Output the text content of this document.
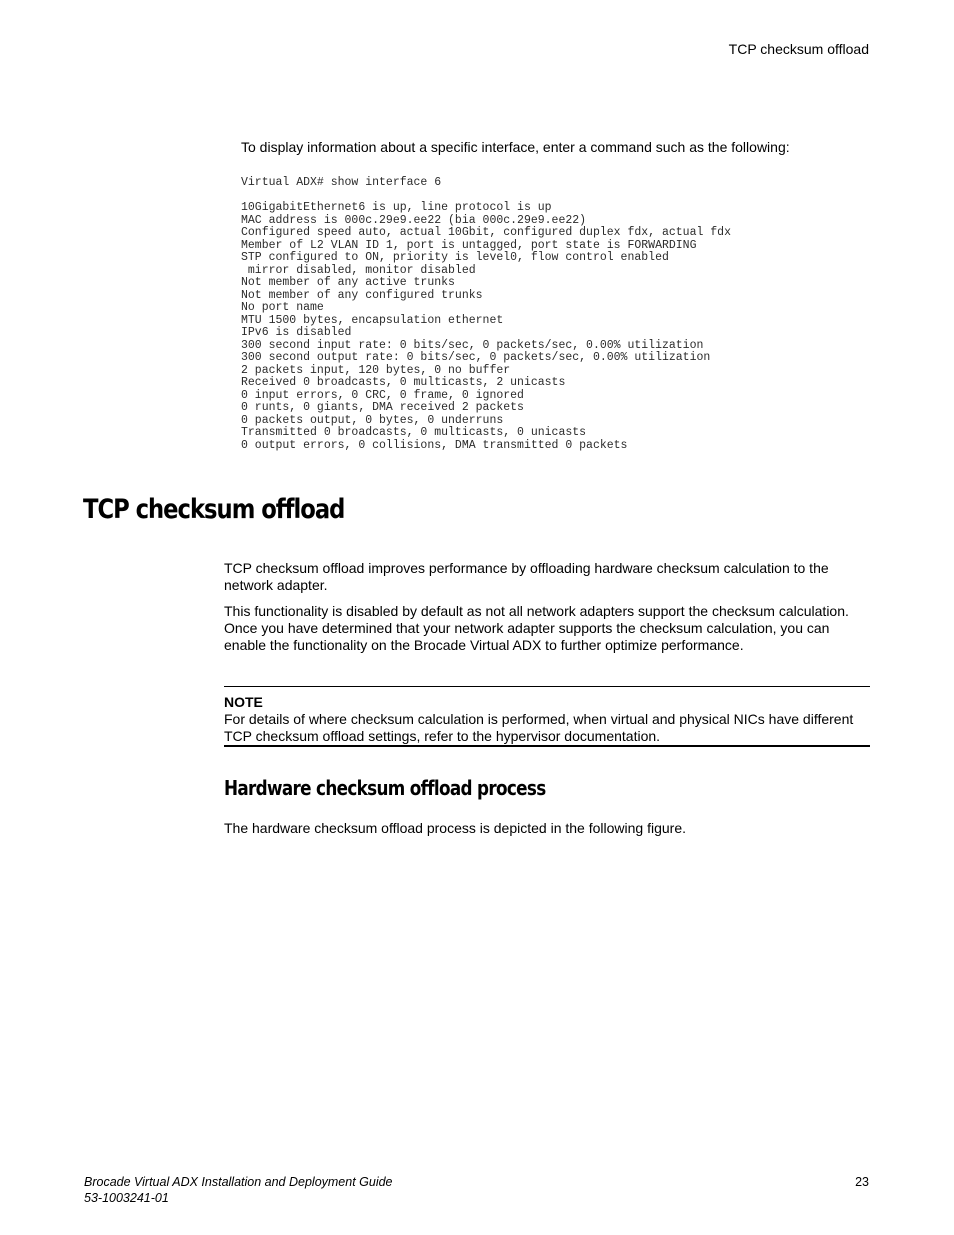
TCP checksum offload
To display information about a specific interface, enter a command such as the following:
Virtual ADX# show interface 6

10GigabitEthernet6 is up, line protocol is up
MAC address is 000c.29e9.ee22 (bia 000c.29e9.ee22)
Configured speed auto, actual 10Gbit, configured duplex fdx, actual fdx
Member of L2 VLAN ID 1, port is untagged, port state is FORWARDING
STP configured to ON, priority is level0, flow control enabled
mirror disabled, monitor disabled
Not member of any active trunks
Not member of any configured trunks
No port name
MTU 1500 bytes, encapsulation ethernet
IPv6 is disabled
300 second input rate: 0 bits/sec, 0 packets/sec, 0.00% utilization
300 second output rate: 0 bits/sec, 0 packets/sec, 0.00% utilization
2 packets input, 120 bytes, 0 no buffer
Received 0 broadcasts, 0 multicasts, 2 unicasts
0 input errors, 0 CRC, 0 frame, 0 ignored
0 runts, 0 giants, DMA received 2 packets
0 packets output, 0 bytes, 0 underruns
Transmitted 0 broadcasts, 0 multicasts, 0 unicasts
0 output errors, 0 collisions, DMA transmitted 0 packets
TCP checksum offload

TCP checksum offload improves performance by offloading hardware checksum calculation to the network adapter.

This functionality is disabled by default as not all network adapters support the checksum calculation. Once you have determined that your network adapter supports the checksum calculation, you can enable the functionality on the Brocade Virtual ADX to further optimize performance.

NOTE
For details of where checksum calculation is performed, when virtual and physical NICs have different TCP checksum offload settings, refer to the hypervisor documentation.
Hardware checksum offload process

The hardware checksum offload process is depicted in the following figure.

Brocade Virtual ADX Installation and Deployment Guide
53-1003241-01
23
